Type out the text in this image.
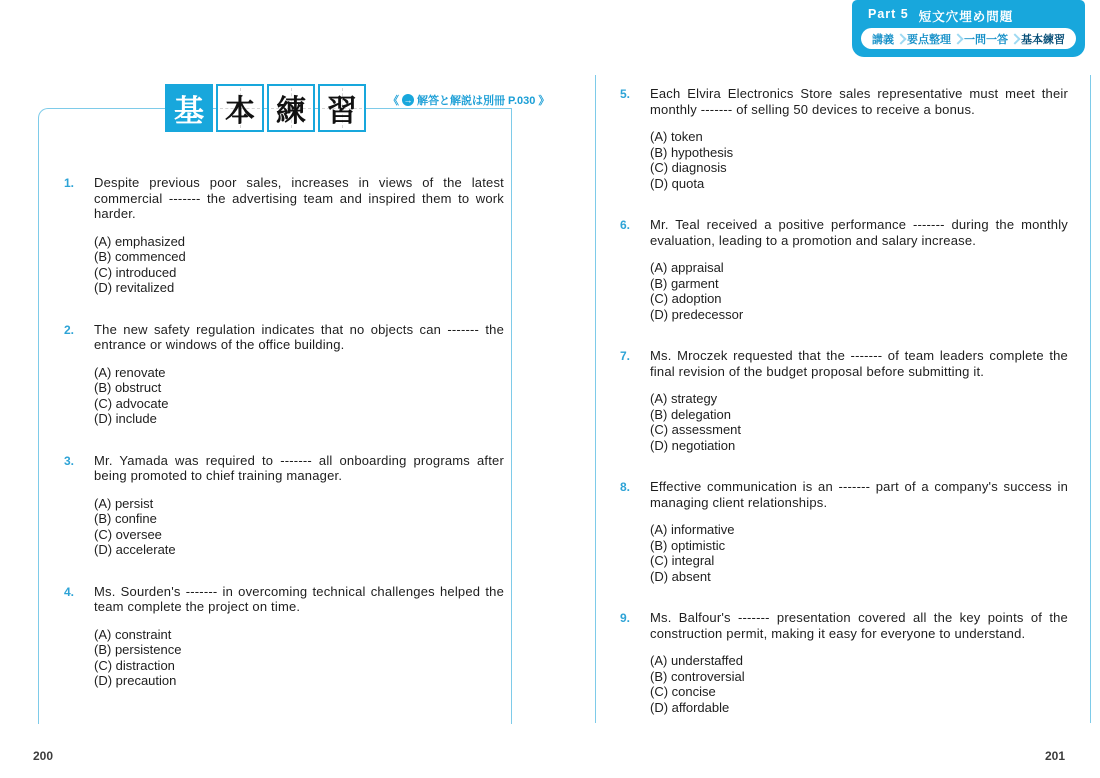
Part 5 短文穴埋め問題
講義 要点整理 一問一答 基本練習
基 本 練 習	《 → 解答と解説は別冊 P.030 》
1.	Despite previous poor sales, increases in views of the latest commercial ------- the advertising team and inspired them to work harder.

(A) emphasized
(B) commenced
(C) introduced
(D) revitalized
2.	The new safety regulation indicates that no objects can ------- the entrance or windows of the office building.

(A) renovate
(B) obstruct
(C) advocate
(D) include
3.	Mr. Yamada was required to ------- all onboarding programs after being promoted to chief training manager.

(A) persist
(B) confine
(C) oversee
(D) accelerate
4.	Ms. Sourden's ------- in overcoming technical challenges helped the team complete the project on time.

(A) constraint
(B) persistence
(C) distraction
(D) precaution
5.	Each Elvira Electronics Store sales representative must meet their monthly ------- of selling 50 devices to receive a bonus.

(A) token
(B) hypothesis
(C) diagnosis
(D) quota
6.	Mr. Teal received a positive performance ------- during the monthly evaluation, leading to a promotion and salary increase.

(A) appraisal
(B) garment
(C) adoption
(D) predecessor
7.	Ms. Mroczek requested that the ------- of team leaders complete the final revision of the budget proposal before submitting it.

(A) strategy
(B) delegation
(C) assessment
(D) negotiation
8.	Effective communication is an ------- part of a company's success in managing client relationships.

(A) informative
(B) optimistic
(C) integral
(D) absent
9.	Ms. Balfour's ------- presentation covered all the key points of the construction permit, making it easy for everyone to understand.

(A) understaffed
(B) controversial
(C) concise
(D) affordable
200	201
